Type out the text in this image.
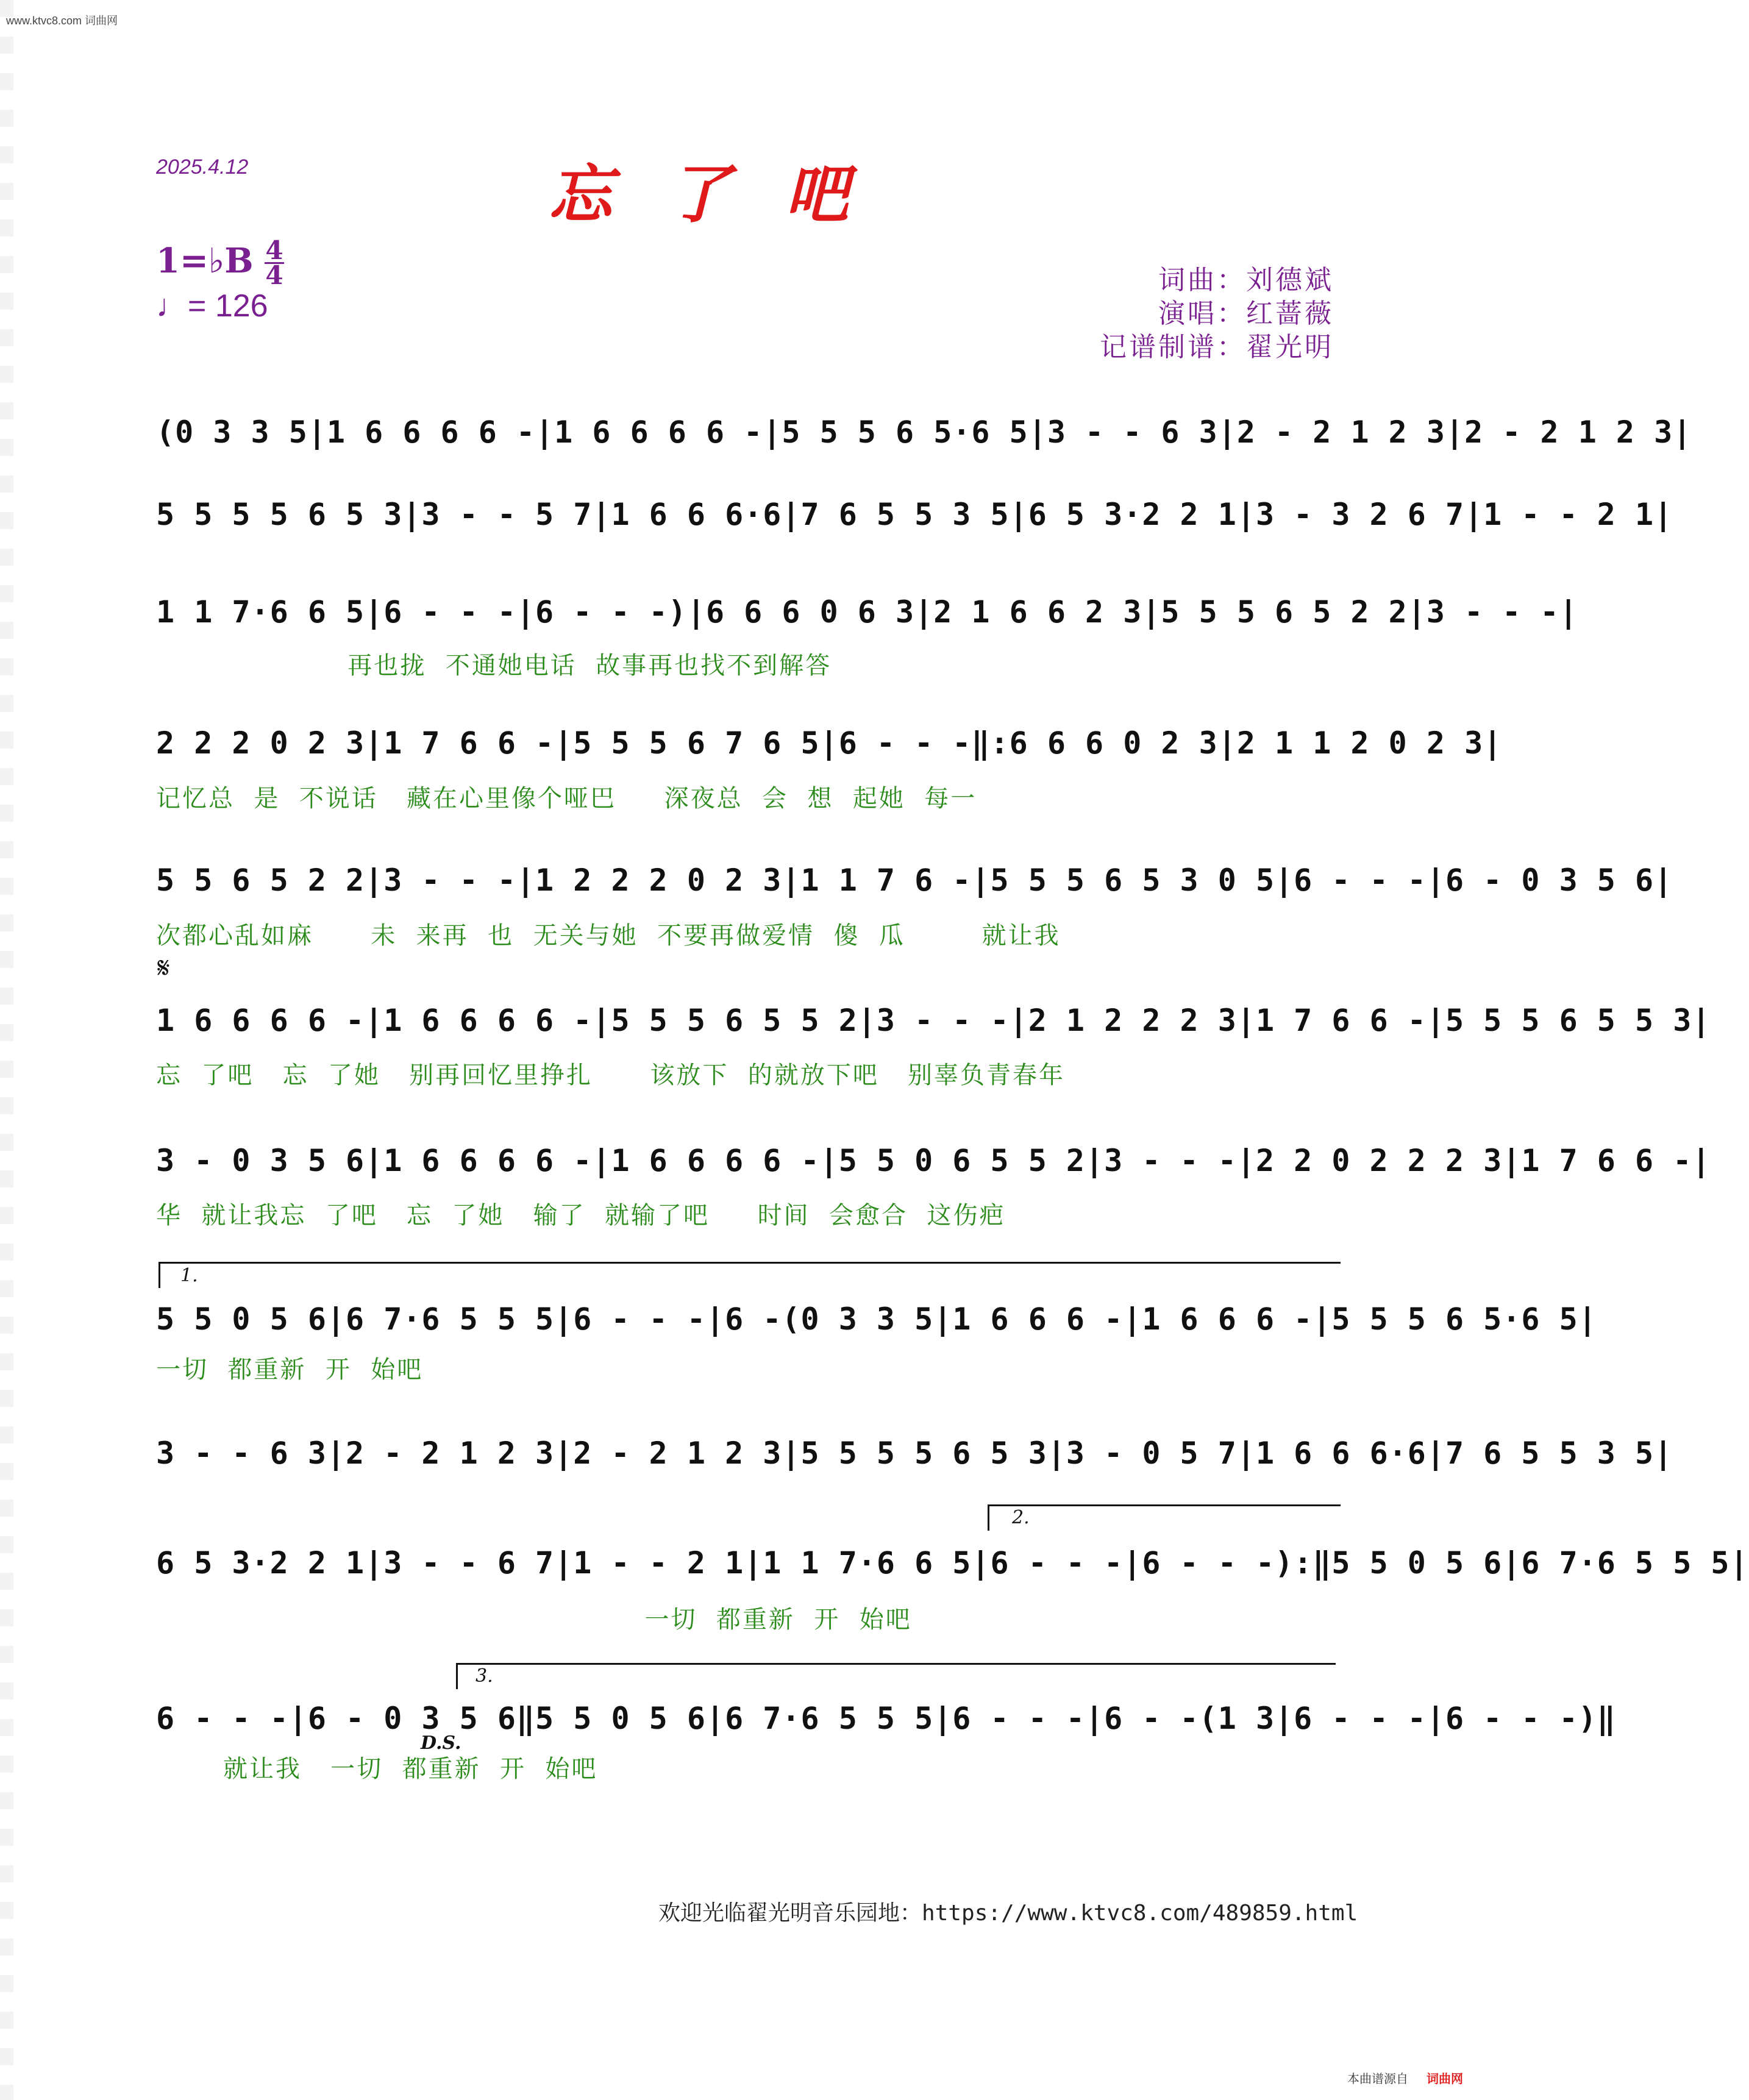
www.ktvc8.com 词曲网
2025.4.12	忘了吧
1=♭B 4
4
♩= 126
词曲：刘德斌
演唱：红蔷薇
记谱制谱：翟光明
(0 3 3 5|1 6 6 6 6 -|1 6 6 6 6 -|5 5 5 6 5·6 5|3 - - 6 3|2 - 2 1 2 3|2 - 2 1 2 3|
5 5 5 5 6 5 3|3 - - 5 7|1 6 6 6·6|7 6 5 5 3 5|6 5 3·2 2 1|3 - 3 2 6 7|1 - - 2 1|
1 1 7·6 6 5|6 - - -|6 - - -)|6 6 6 0 6 3|2 1 6 6 2 3|5 5 5 6 5 2 2|3 - - -|
再也拢  不通她电话  故事再也找不到解答
2 2 2 0 2 3|1 7 6 6 -|5 5 5 6 7 6 5|6 - - -‖:6 6 6 0 2 3|2 1 1 2 0 2 3|
记忆总  是  不说话   藏在心里像个哑巴     深夜总  会  想  起她  每一
5 5 6 5 2 2|3 - - -|1 2 2 2 0 2 3|1 1 7 6 -|5 5 5 6 5 3 0 5|6 - - -|6 - 0 3 5 6|
次都心乱如麻      未  来再  也  无关与她  不要再做爱情  傻  瓜        就让我
𝄋
1 6 6 6 6 -|1 6 6 6 6 -|5 5 5 6 5 5 2|3 - - -|2 1 2 2 2 3|1 7 6 6 -|5 5 5 6 5 5 3|
忘  了吧   忘  了她   别再回忆里挣扎      该放下  的就放下吧   别辜负青春年
3 - 0 3 5 6|1 6 6 6 6 -|1 6 6 6 6 -|5 5 0 6 5 5 2|3 - - -|2 2 0 2 2 2 3|1 7 6 6 -|
华  就让我忘  了吧   忘  了她   输了  就输了吧     时间  会愈合  这伤疤
1.
5 5 0 5 6|6 7·6 5 5 5|6 - - -|6 -(0 3 3 5|1 6 6 6 -|1 6 6 6 -|5 5 5 6 5·6 5|
一切  都重新  开  始吧
3 - - 6 3|2 - 2 1 2 3|2 - 2 1 2 3|5 5 5 5 6 5 3|3 - 0 5 7|1 6 6 6·6|7 6 5 5 3 5|
2.
6 5 3·2 2 1|3 - - 6 7|1 - - 2 1|1 1 7·6 6 5|6 - - -|6 - - -):‖5 5 0 5 6|6 7·6 5 5 5|
一切  都重新  开  始吧
3.
6 - - -|6 - 0 3 5 6‖5 5 0 5 6|6 7·6 5 5 5|6 - - -|6 - -(1 3|6 - - -|6 - - -)‖
D.S.
就让我   一切  都重新  开  始吧
欢迎光临翟光明音乐园地：https://www.ktvc8.com/489859.html
本曲谱源自 词曲网
